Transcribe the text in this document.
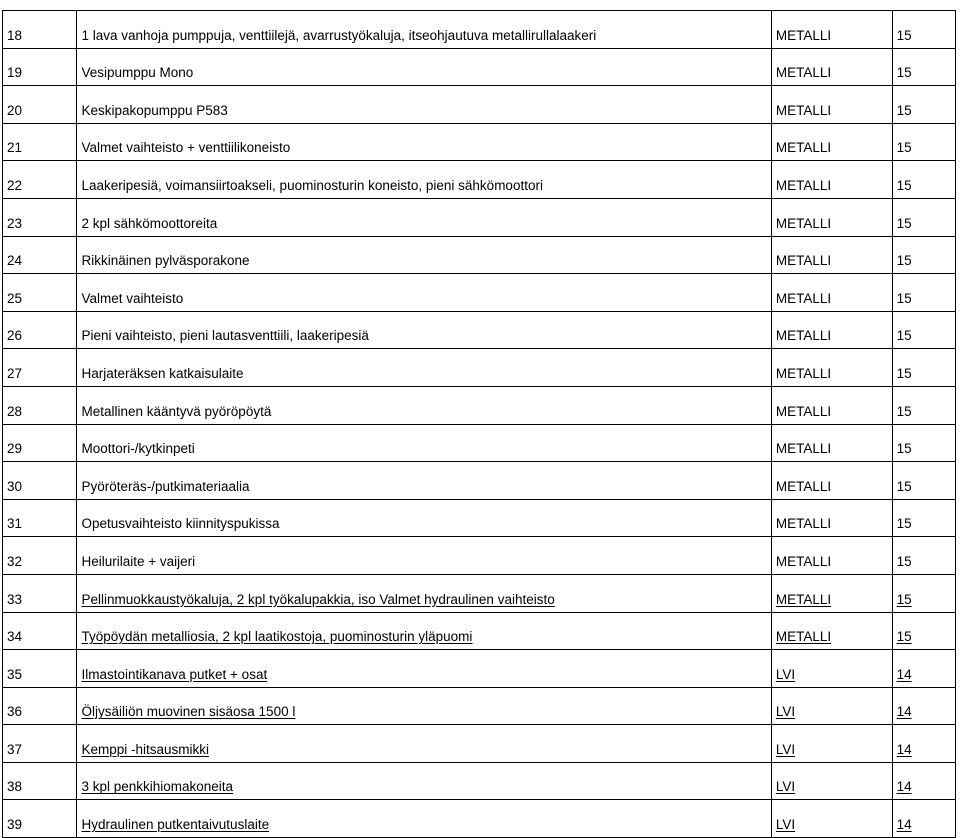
18	1 lava vanhoja pumppuja, venttiilejä, avarrustyökaluja, itseohjautuva metallirullalaakeri	METALLI	15
19	Vesipumppu Mono	METALLI	15
20	Keskipakopumppu P583	METALLI	15
21	Valmet vaihteisto + venttiilikoneisto	METALLI	15
22	Laakeripesiä, voimansiirtoakseli, puominosturin koneisto, pieni sähkömoottori	METALLI	15
23	2 kpl sähkömoottoreita	METALLI	15
24	Rikkinäinen pylväsporakone	METALLI	15
25	Valmet vaihteisto	METALLI	15
26	Pieni vaihteisto, pieni lautasventtiili, laakeripesiä	METALLI	15
27	Harjateräksen katkaisulaite	METALLI	15
28	Metallinen kääntyvä pyöröpöytä	METALLI	15
29	Moottori-/kytkinpeti	METALLI	15
30	Pyöröteräs-/putkimateriaalia	METALLI	15
31	Opetusvaihteisto kiinnityspukissa	METALLI	15
32	Heilurilaite + vaijeri	METALLI	15
33	Pellinmuokkaustyökaluja, 2 kpl työkalupakkia, iso Valmet hydraulinen vaihteisto	METALLI	15
34	Työpöydän metalliosia, 2 kpl laatikostoja, puominosturin yläpuomi	METALLI	15
35	Ilmastointikanava putket + osat	LVI	14
36	Öljysäiliön muovinen sisäosa 1500 l	LVI	14
37	Kemppi -hitsausmikki	LVI	14
38	3 kpl penkkihiomakoneita	LVI	14
39	Hydraulinen putkentaivutuslaite	LVI	14
